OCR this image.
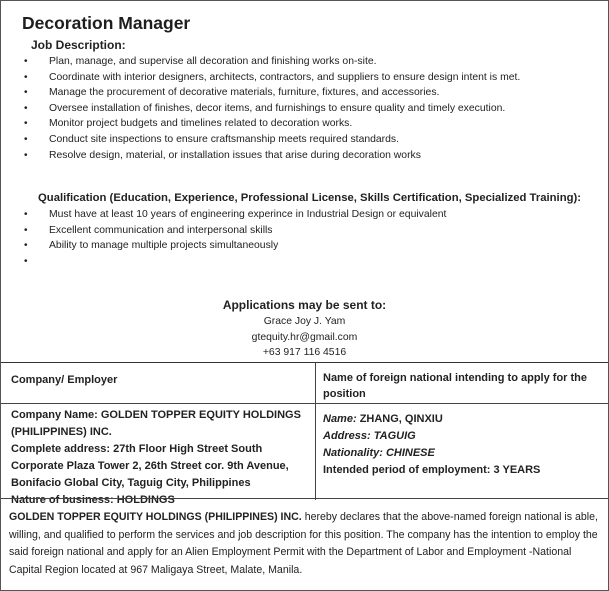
Decoration Manager

Job Description:

• Plan, manage, and supervise all decoration and finishing works on-site.
• Coordinate with interior designers, architects, contractors, and suppliers to ensure design intent is met.
• Manage the procurement of decorative materials, furniture, fixtures, and accessories.
• Oversee installation of finishes, decor items, and furnishings to ensure quality and timely execution.
• Monitor project budgets and timelines related to decoration works.
• Conduct site inspections to ensure craftsmanship meets required standards.
• Resolve design, material, or installation issues that arise during decoration works

Qualification (Education, Experience, Professional License, Skills Certification, Specialized Training):

• Must have at least 10 years of engineering experince in Industrial Design or equivalent
• Excellent communication and interpersonal skills
• Ability to manage multiple projects simultaneously
•
Applications may be sent to:
Grace Joy J. Yam
gtequity.hr@gmail.com
+63 917 116 4516
Company/ Employer	Name of foreign national intending to apply for the position
Company Name: GOLDEN TOPPER EQUITY HOLDINGS
(PHILIPPINES) INC.
Complete address: 27th Floor High Street South
Corporate Plaza Tower 2, 26th Street cor. 9th Avenue,
Bonifacio Global City, Taguig City, Philippines
Nature of business: HOLDINGS
Name: ZHANG, QINXIU
Address: TAGUIG
Nationality: CHINESE
Intended period of employment: 3 YEARS
GOLDEN TOPPER EQUITY HOLDINGS (PHILIPPINES) INC. hereby declares that the above-named foreign national is able, willing, and qualified to perform the services and job description for this position. The company has the intention to employ the said foreign national and apply for an Alien Employment Permit with the Department of Labor and Employment -National Capital Region located at 967 Maligaya Street, Malate, Manila.
